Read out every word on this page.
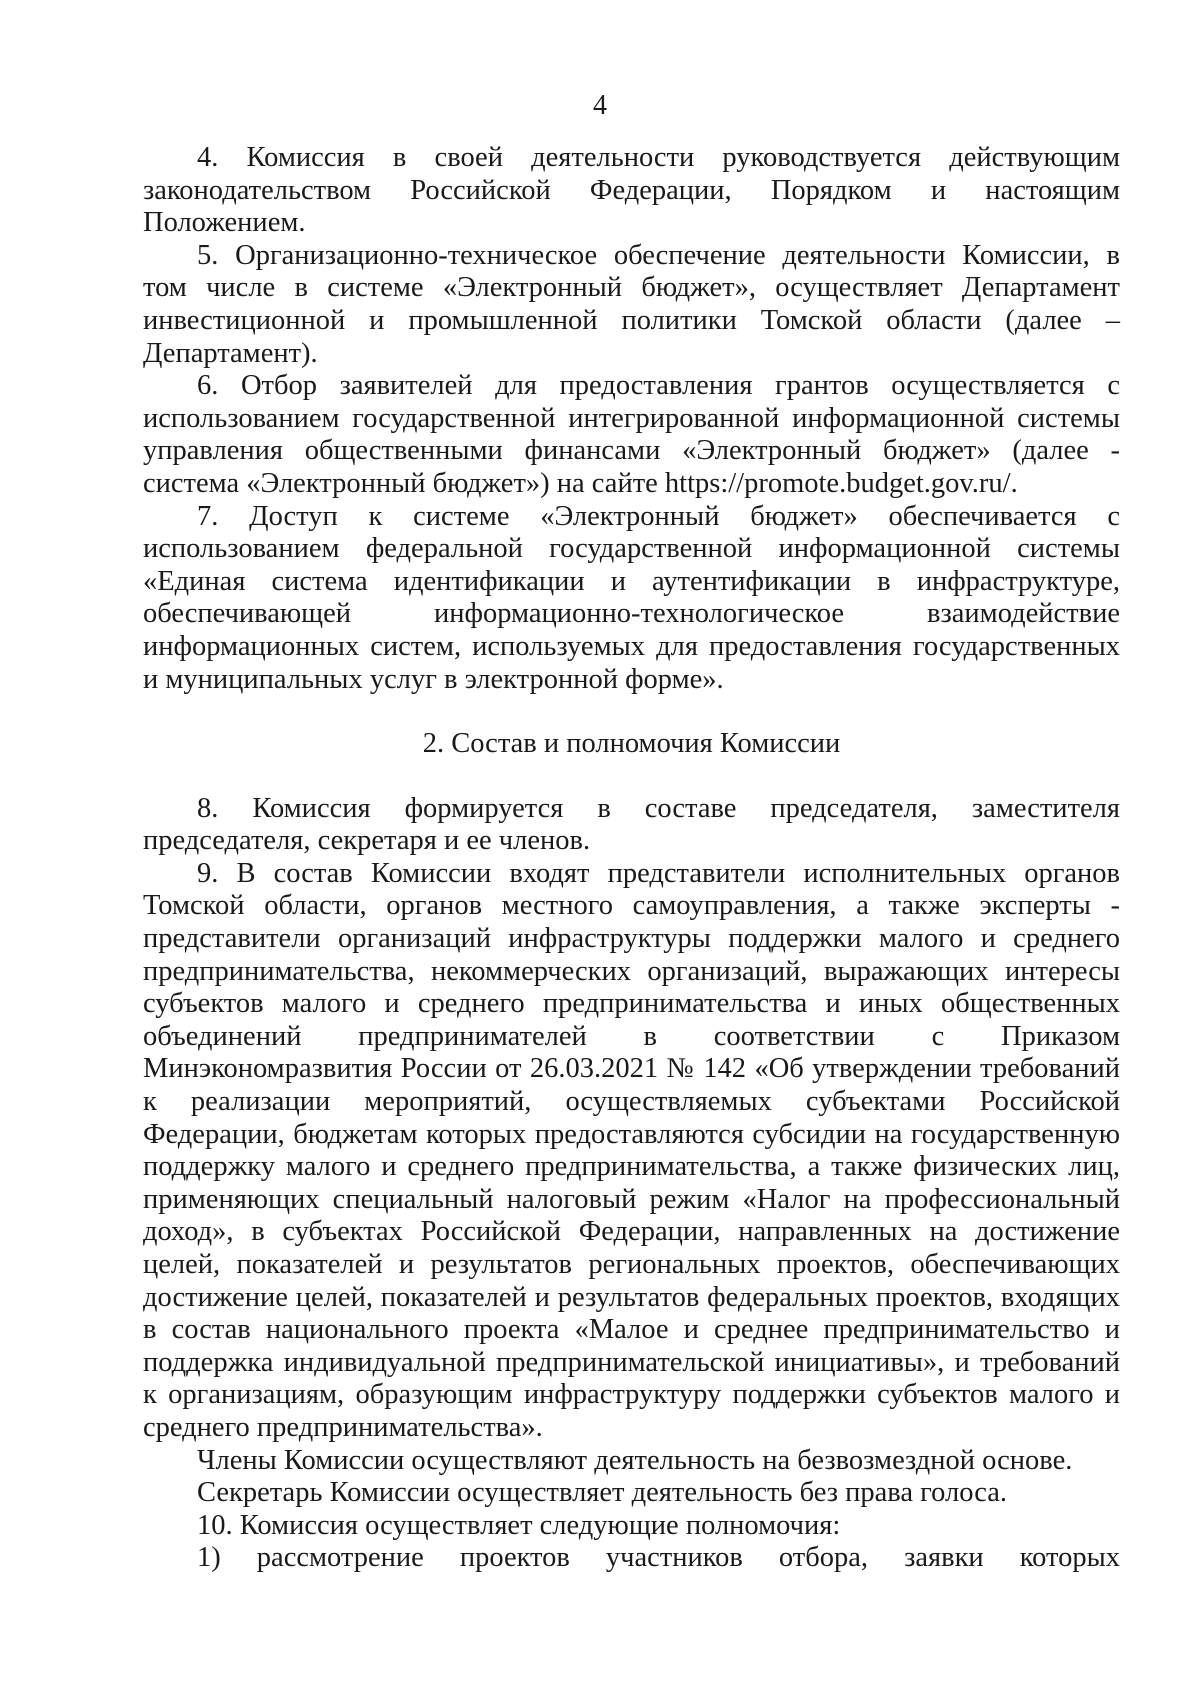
4

4. Комиссия в своей деятельности руководствуется действующим законодательством Российской Федерации, Порядком и настоящим Положением.

5. Организационно-техническое обеспечение деятельности Комиссии, в том числе в системе «Электронный бюджет», осуществляет Департамент инвестиционной и промышленной политики Томской области (далее – Департамент).

6. Отбор заявителей для предоставления грантов осуществляется с использованием государственной интегрированной информационной системы управления общественными финансами «Электронный бюджет» (далее - система «Электронный бюджет») на сайте https://promote.budget.gov.ru/.

7. Доступ к системе «Электронный бюджет» обеспечивается с использованием федеральной государственной информационной системы «Единая система идентификации и аутентификации в инфраструктуре, обеспечивающей информационно-технологическое взаимодействие информационных систем, используемых для предоставления государственных и муниципальных услуг в электронной форме».

2. Состав и полномочия Комиссии

8. Комиссия формируется в составе председателя, заместителя председателя, секретаря и ее членов.

9. В состав Комиссии входят представители исполнительных органов Томской области, органов местного самоуправления, а также эксперты - представители организаций инфраструктуры поддержки малого и среднего предпринимательства, некоммерческих организаций, выражающих интересы субъектов малого и среднего предпринимательства и иных общественных объединений предпринимателей в соответствии с Приказом Минэкономразвития России от 26.03.2021 № 142 «Об утверждении требований к реализации мероприятий, осуществляемых субъектами Российской Федерации, бюджетам которых предоставляются субсидии на государственную поддержку малого и среднего предпринимательства, а также физических лиц, применяющих специальный налоговый режим «Налог на профессиональный доход», в субъектах Российской Федерации, направленных на достижение целей, показателей и результатов региональных проектов, обеспечивающих достижение целей, показателей и результатов федеральных проектов, входящих в состав национального проекта «Малое и среднее предпринимательство и поддержка индивидуальной предпринимательской инициативы», и требований к организациям, образующим инфраструктуру поддержки субъектов малого и среднего предпринимательства».

Члены Комиссии осуществляют деятельность на безвозмездной основе.

Секретарь Комиссии осуществляет деятельность без права голоса.

10. Комиссия осуществляет следующие полномочия:

1) рассмотрение проектов участников отбора, заявки которых
